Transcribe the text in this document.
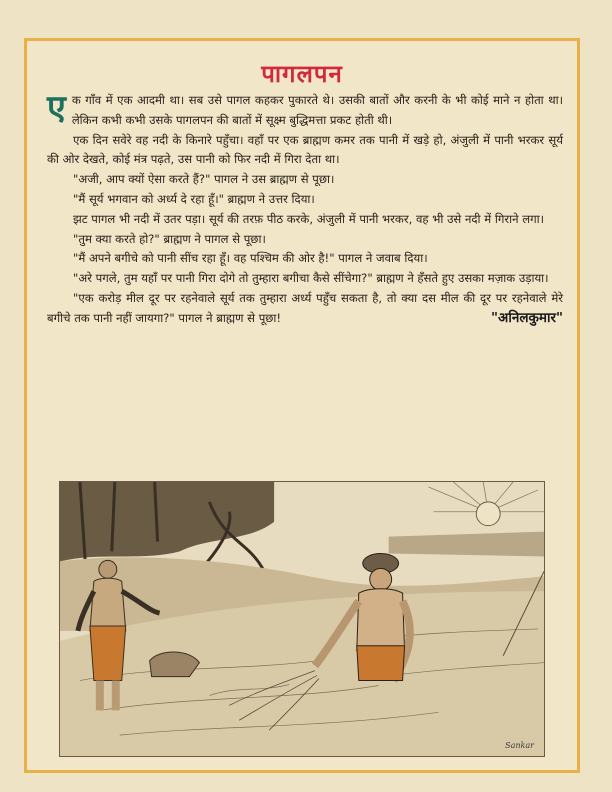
पागलपन

एक गाँव में एक आदमी था। सब उसे पागल कहकर पुकारते थे। उसकी बातों और करनी के भी कोई माने न होता था। लेकिन कभी कभी उसके पागलपन की बातों में सूक्ष्म बुद्धिमत्ता प्रकट होती थी।

एक दिन सवेरे वह नदी के किनारे पहुँचा। वहाँ पर एक ब्राह्मण कमर तक पानी में खड़े हो, अंजुली में पानी भरकर सूर्य की ओर देखते, कोई मंत्र पढ़ते, उस पानी को फिर नदी में गिरा देता था।

"अजी, आप क्यों ऐसा करते हैं?" पागल ने उस ब्राह्मण से पूछा।

"मैं सूर्य भगवान को अर्ध्य दे रहा हूँ।" ब्राह्मण ने उत्तर दिया।

झट पागल भी नदी में उतर पड़ा। सूर्य की तरफ़ पीठ करके, अंजुली में पानी भरकर, वह भी उसे नदी में गिराने लगा।

"तुम क्या करते हो?" ब्राह्मण ने पागल से पूछा।

"मैं अपने बगीचे को पानी सींच रहा हूँ। वह पश्चिम की ओर है!" पागल ने जवाब दिया।

"अरे पगले, तुम यहाँ पर पानी गिरा दोगे तो तुम्हारा बगीचा कैसे सींचेगा?" ब्राह्मण ने हँसते हुए उसका मज़ाक उड़ाया।

"एक करोड़ मील दूर पर रहनेवाले सूर्य तक तुम्हारा अर्ध्य पहुँच सकता है, तो क्या दस मील की दूर पर रहनेवाले मेरे बगीचे तक पानी नहीं जायगा?" पागल ने ब्राह्मण से पूछा!	"अनिलकुमार"

Sankar
